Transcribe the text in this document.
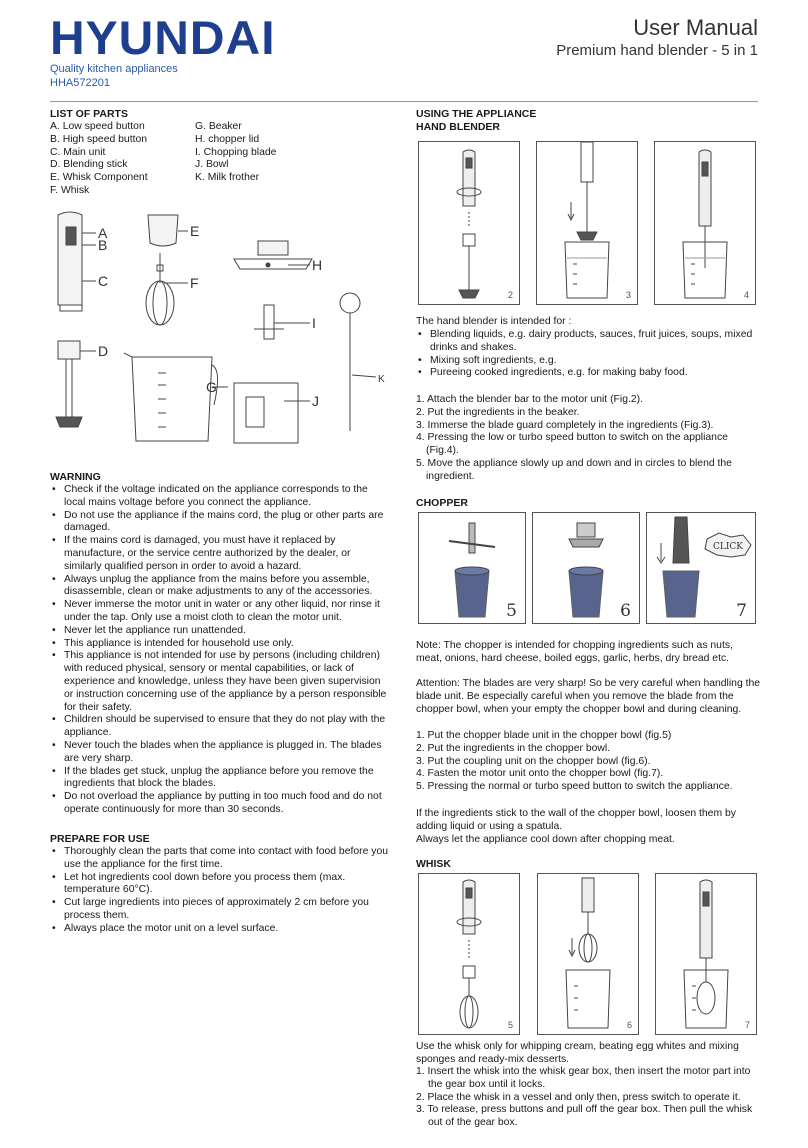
HYUNDAI
Quality kitchen appliances
HHA572201
User Manual
Premium hand blender - 5 in 1
LIST OF PARTS
A. Low speed button
B. High speed button
C. Main unit
D. Blending stick
E. Whisk Component
F. Whisk
G. Beaker
H. chopper lid
I. Chopping blade
J. Bowl
K. Milk frother
A
B
C
D
E
F
G
H
I
J
K
WARNING
• Check if the voltage indicated on the appliance corresponds to the local mains voltage before you connect the appliance.
• Do not use the appliance if the mains cord, the plug or other parts are damaged.
• If the mains cord is damaged, you must have it replaced by manufacture, or the service centre authorized by the dealer, or similarly qualified person in order to avoid a hazard.
• Always unplug the appliance from the mains before you assemble, disassemble, clean or make adjustments to any of the accessories.
• Never immerse the motor unit in water or any other liquid, nor rinse it under the tap. Only use a moist cloth to clean the motor unit.
• Never let the appliance run unattended.
• This appliance is intended for household use only.
• This appliance is not intended for use by persons (including children) with reduced physical, sensory or mental capabilities, or lack of experience and knowledge, unless they have been given supervision or instruction concerning use of the appliance by a person responsible for their safety.
• Children should be supervised to ensure that they do not play with the appliance.
• Never touch the blades when the appliance is plugged in. The blades are very sharp.
• If the blades get stuck, unplug the appliance before you remove the ingredients that block the blades.
• Do not overload the appliance by putting in too much food and do not operate continuously for more than 30 seconds.
PREPARE FOR USE
• Thoroughly clean the parts that come into contact with food before you use the appliance for the first time.
• Let hot ingredients cool down before you process them (max. temperature 60°C).
• Cut large ingredients into pieces of approximately 2 cm before you process them.
• Always place the motor unit on a level surface.
USING THE APPLIANCE
HAND BLENDER
2	3	4
The hand blender is intended for :
• Blending liquids, e.g. dairy products, sauces, fruit juices, soups, mixed drinks and shakes.
• Mixing soft ingredients, e.g.
• Pureeing cooked ingredients, e.g. for making baby food.
1. Attach the blender bar to the motor unit (Fig.2).
2. Put the ingredients in the beaker.
3. Immerse the blade guard completely in the ingredients (Fig.3).
4. Pressing the low or turbo speed button to switch on the appliance (Fig.4).
5. Move the appliance slowly up and down and in circles to blend the ingredient.
CHOPPER
5	6
CLICK
7
Note: The chopper is intended for chopping ingredients such as nuts, meat, onions, hard cheese, boiled eggs, garlic, herbs, dry bread etc.
Attention: The blades are very sharp! So be very careful when handling the blade unit. Be especially careful when you remove the blade from the chopper bowl, when your empty the chopper bowl and during cleaning.
1. Put the chopper blade unit in the chopper bowl (fig.5)
2. Put the ingredients in the chopper bowl.
3. Put the coupling unit on the chopper bowl (fig.6).
4. Fasten the motor unit onto the chopper bowl (fig.7).
5. Pressing the normal or turbo speed button to switch the appliance.
If the ingredients stick to the wall of the chopper bowl, loosen them by adding liquid or using a spatula.
Always let the appliance cool down after chopping meat.
WHISK
5	6	7
Use the whisk only for whipping cream, beating egg whites and mixing sponges and ready-mix desserts.
1. Insert the whisk into the whisk gear box, then insert the motor part into the gear box until it locks.
2. Place the whisk in a vessel and only then, press switch to operate it.
3. To release, press buttons and pull off the gear box. Then pull the whisk out of the gear box.
